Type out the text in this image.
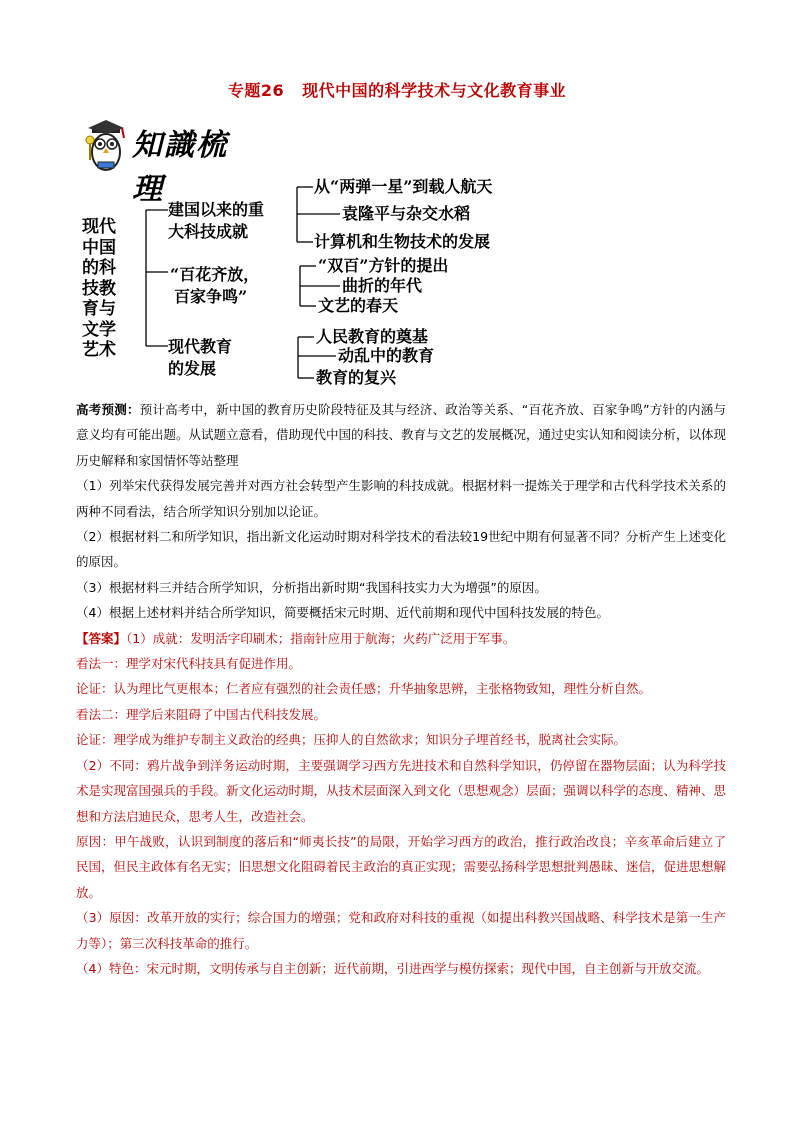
专题26 现代中国的科学技术与文化教育事业
知識梳理
现代中国的科技教育与文学艺术
建国以来的重
大科技成就
“百花齐放，
百家争鸣”
现代教育
的发展
从“两弹一星”到载人航天
袁隆平与杂交水稻
计算机和生物技术的发展
“双百”方针的提出
曲折的年代
文艺的春天
人民教育的奠基
动乱中的教育
教育的复兴

高考预测：预计高考中，新中国的教育历史阶段特征及其与经济、政治等关系、“百花齐放、百家争鸣”方针的内涵与意义均有可能出题。从试题立意看，借助现代中国的科技、教育与文艺的发展概况，通过史实认知和阅读分析，以体现历史解释和家国情怀等站整理

（1）列举宋代获得发展完善并对西方社会转型产生影响的科技成就。根据材料一提炼关于理学和古代科学技术关系的两种不同看法，结合所学知识分别加以论证。

（2）根据材料二和所学知识，指出新文化运动时期对科学技术的看法较19世纪中期有何显著不同？分析产生上述变化的原因。

（3）根据材料三并结合所学知识，分析指出新时期“我国科技实力大为增强”的原因。

（4）根据上述材料并结合所学知识，简要概括宋元时期、近代前期和现代中国科技发展的特色。

【答案】（1）成就：发明活字印刷术；指南针应用于航海；火药广泛用于军事。

看法一：理学对宋代科技具有促进作用。

论证：认为理比气更根本；仁者应有强烈的社会责任感；升华抽象思辨，主张格物致知，理性分析自然。

看法二：理学后来阻碍了中国古代科技发展。

论证：理学成为维护专制主义政治的经典；压抑人的自然欲求；知识分子埋首经书，脱离社会实际。

（2）不同：鸦片战争到洋务运动时期，主要强调学习西方先进技术和自然科学知识，仍停留在器物层面；认为科学技术是实现富国强兵的手段。新文化运动时期，从技术层面深入到文化（思想观念）层面；强调以科学的态度、精神、思想和方法启迪民众，思考人生，改造社会。

原因：甲午战败，认识到制度的落后和“师夷长技”的局限，开始学习西方的政治，推行政治改良；辛亥革命后建立了民国，但民主政体有名无实；旧思想文化阻碍着民主政治的真正实现；需要弘扬科学思想批判愚昧、迷信，促进思想解放。

（3）原因：改革开放的实行；综合国力的增强；党和政府对科技的重视（如提出科教兴国战略、科学技术是第一生产力等）；第三次科技革命的推行。

（4）特色：宋元时期，文明传承与自主创新；近代前期，引进西学与模仿探索；现代中国，自主创新与开放交流。
